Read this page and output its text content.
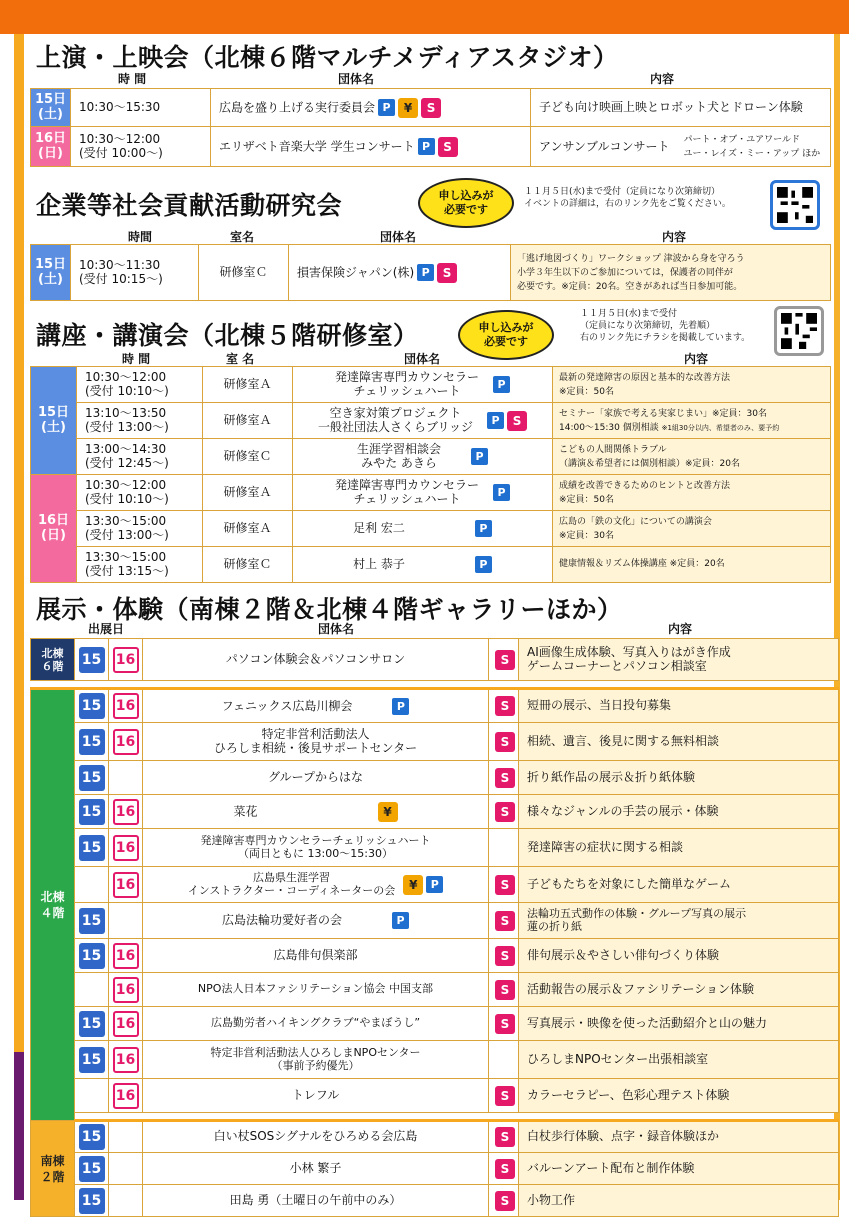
上演・上映会（北棟６階マルチメディアスタジオ）
時 間	団体名	内容
15日
(土)	10:30〜15:30	広島を盛り上げる実行委員会 P ¥ S	子ども向け映画上映とロボット犬とドローン体験
16日
(日)	10:30〜12:00
(受付 10:00〜)	エリザベト音楽大学 学生コンサート P S	アンサンブルコンサート パート・オブ・ユアワールド
ユー・レイズ・ミー・アップ ほか
企業等社会貢献活動研究会	申し込みが
必要です
１１月５日(水)まで受付（定員になり次第締切）
イベントの詳細は，右のリンク先をご覧ください。
時間	室名	団体名	内容
15日
(土)	10:30〜11:30
(受付 10:15〜)	研修室Ｃ	損害保険ジャパン(株) P S	「逃げ地図づくり」ワークショップ 津波から身を守ろう
小学３年生以下のご参加については，保護者の同伴が
必要です。※定員：20名。空きがあれば当日参加可能。
講座・講演会（北棟５階研修室）	申し込みが
必要です
１１月５日(水)まで受付
（定員になり次第締切，先着順）
右のリンク先にチラシを掲載しています。
時 間	室 名	団体名	内容
15日
(土)	10:30〜12:00
(受付 10:10〜)	研修室Ａ	発達障害専門カウンセラー
チェリッシュハート P	最新の発達障害の原因と基本的な改善方法
※定員：50名
	13:10〜13:50
(受付 13:00〜)	研修室Ａ	空き家対策プロジェクト
一般社団法人さくらブリッジ P S	セミナー「家族で考える実家じまい」※定員：30名
14:00〜15:30 個別相談 ※1組30分以内、希望者のみ、要予約
	13:00〜14:30
(受付 12:45〜)	研修室Ｃ	生涯学習相談会
みやた あきら P	こどもの人間関係トラブル
（講演＆希望者には個別相談）※定員：20名
16日
(日)	10:30〜12:00
(受付 10:10〜)	研修室Ａ	発達障害専門カウンセラー
チェリッシュハート P	成績を改善できるためのヒントと改善方法
※定員：50名
	13:30〜15:00
(受付 13:00〜)	研修室Ａ	足利 宏二 P	広島の「鉄の文化」についての講演会
※定員：30名
	13:30〜15:00
(受付 13:15〜)	研修室Ｃ	村上 恭子 P	健康情報＆リズム体操講座 ※定員：20名
展示・体験（南棟２階＆北棟４階ギャラリーほか）
出展日	団体名	内容
北棟
６階	15	16	パソコン体験会＆パソコンサロン	S	AI画像生成体験、写真入りはがき作成
ゲームコーナーとパソコン相談室

北棟
４階	15	16	フェニックス広島川柳会 P	S	短冊の展示、当日投句募集
	15	16	特定非営利活動法人
ひろしま相続・後見サポートセンター	S	相続、遺言、後見に関する無料相談
	15		グループからはな	S	折り紙作品の展示＆折り紙体験
	15	16	菜花 ¥	S	様々なジャンルの手芸の展示・体験
	15	16	発達障害専門カウンセラーチェリッシュハート
（両日ともに 13:00〜15:30）		発達障害の症状に関する相談
		16	広島県生涯学習
インストラクター・コーディネーターの会 ¥ P	S	子どもたちを対象にした簡単なゲーム
	15		広島法輪功愛好者の会 P	S	法輪功五式動作の体験・グループ写真の展示
蓮の折り紙
	15	16	広島俳句倶楽部	S	俳句展示＆やさしい俳句づくり体験
		16	NPO法人日本ファシリテーション協会 中国支部	S	活動報告の展示＆ファシリテーション体験
	15	16	広島勤労者ハイキングクラブ“やまぼうし”	S	写真展示・映像を使った活動紹介と山の魅力
	15	16	特定非営利活動法人ひろしまNPOセンター
（事前予約優先）		ひろしまNPOセンター出張相談室
		16	トレフル	S	カラーセラピー、色彩心理テスト体験

南棟
２階	15		白い杖SOSシグナルをひろめる会広島	S	白杖歩行体験、点字・録音体験ほか
	15		小林 繁子	S	バルーンアート配布と制作体験
	15		田島 勇（土曜日の午前中のみ）	S	小物工作
